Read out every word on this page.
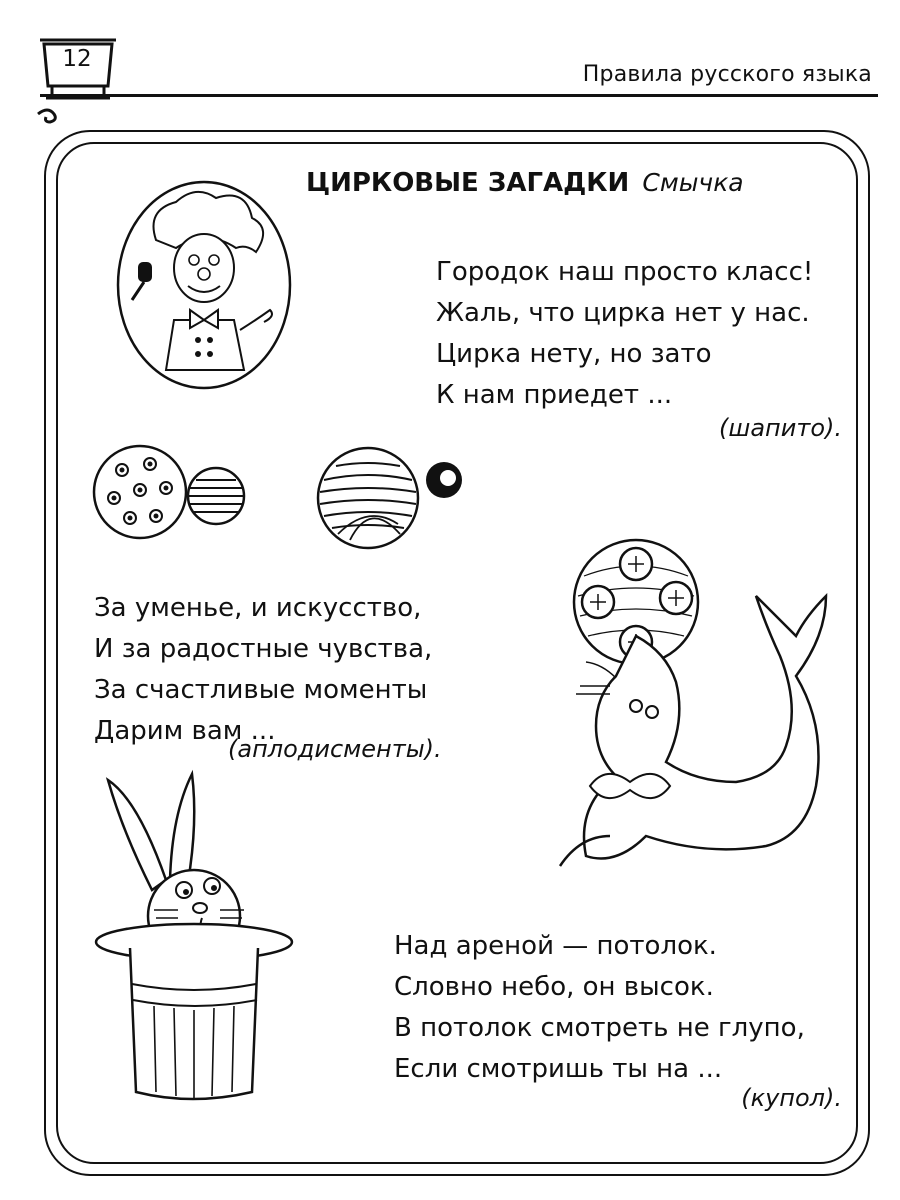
12
Правила русского языка
ЦИРКОВЫЕ ЗАГАДКИ Смычка
Городок наш просто класс!
Жаль, что цирка нет у нас.
Цирка нету, но зато
К нам приедет ...
(шапито).
За уменье, и искусство,
И за радостные чувства,
За счастливые моменты
Дарим вам ...
(аплодисменты).
Над ареной — потолок.
Словно небо, он высок.
В потолок смотреть не глупо,
Если смотришь ты на ...
(купол).
